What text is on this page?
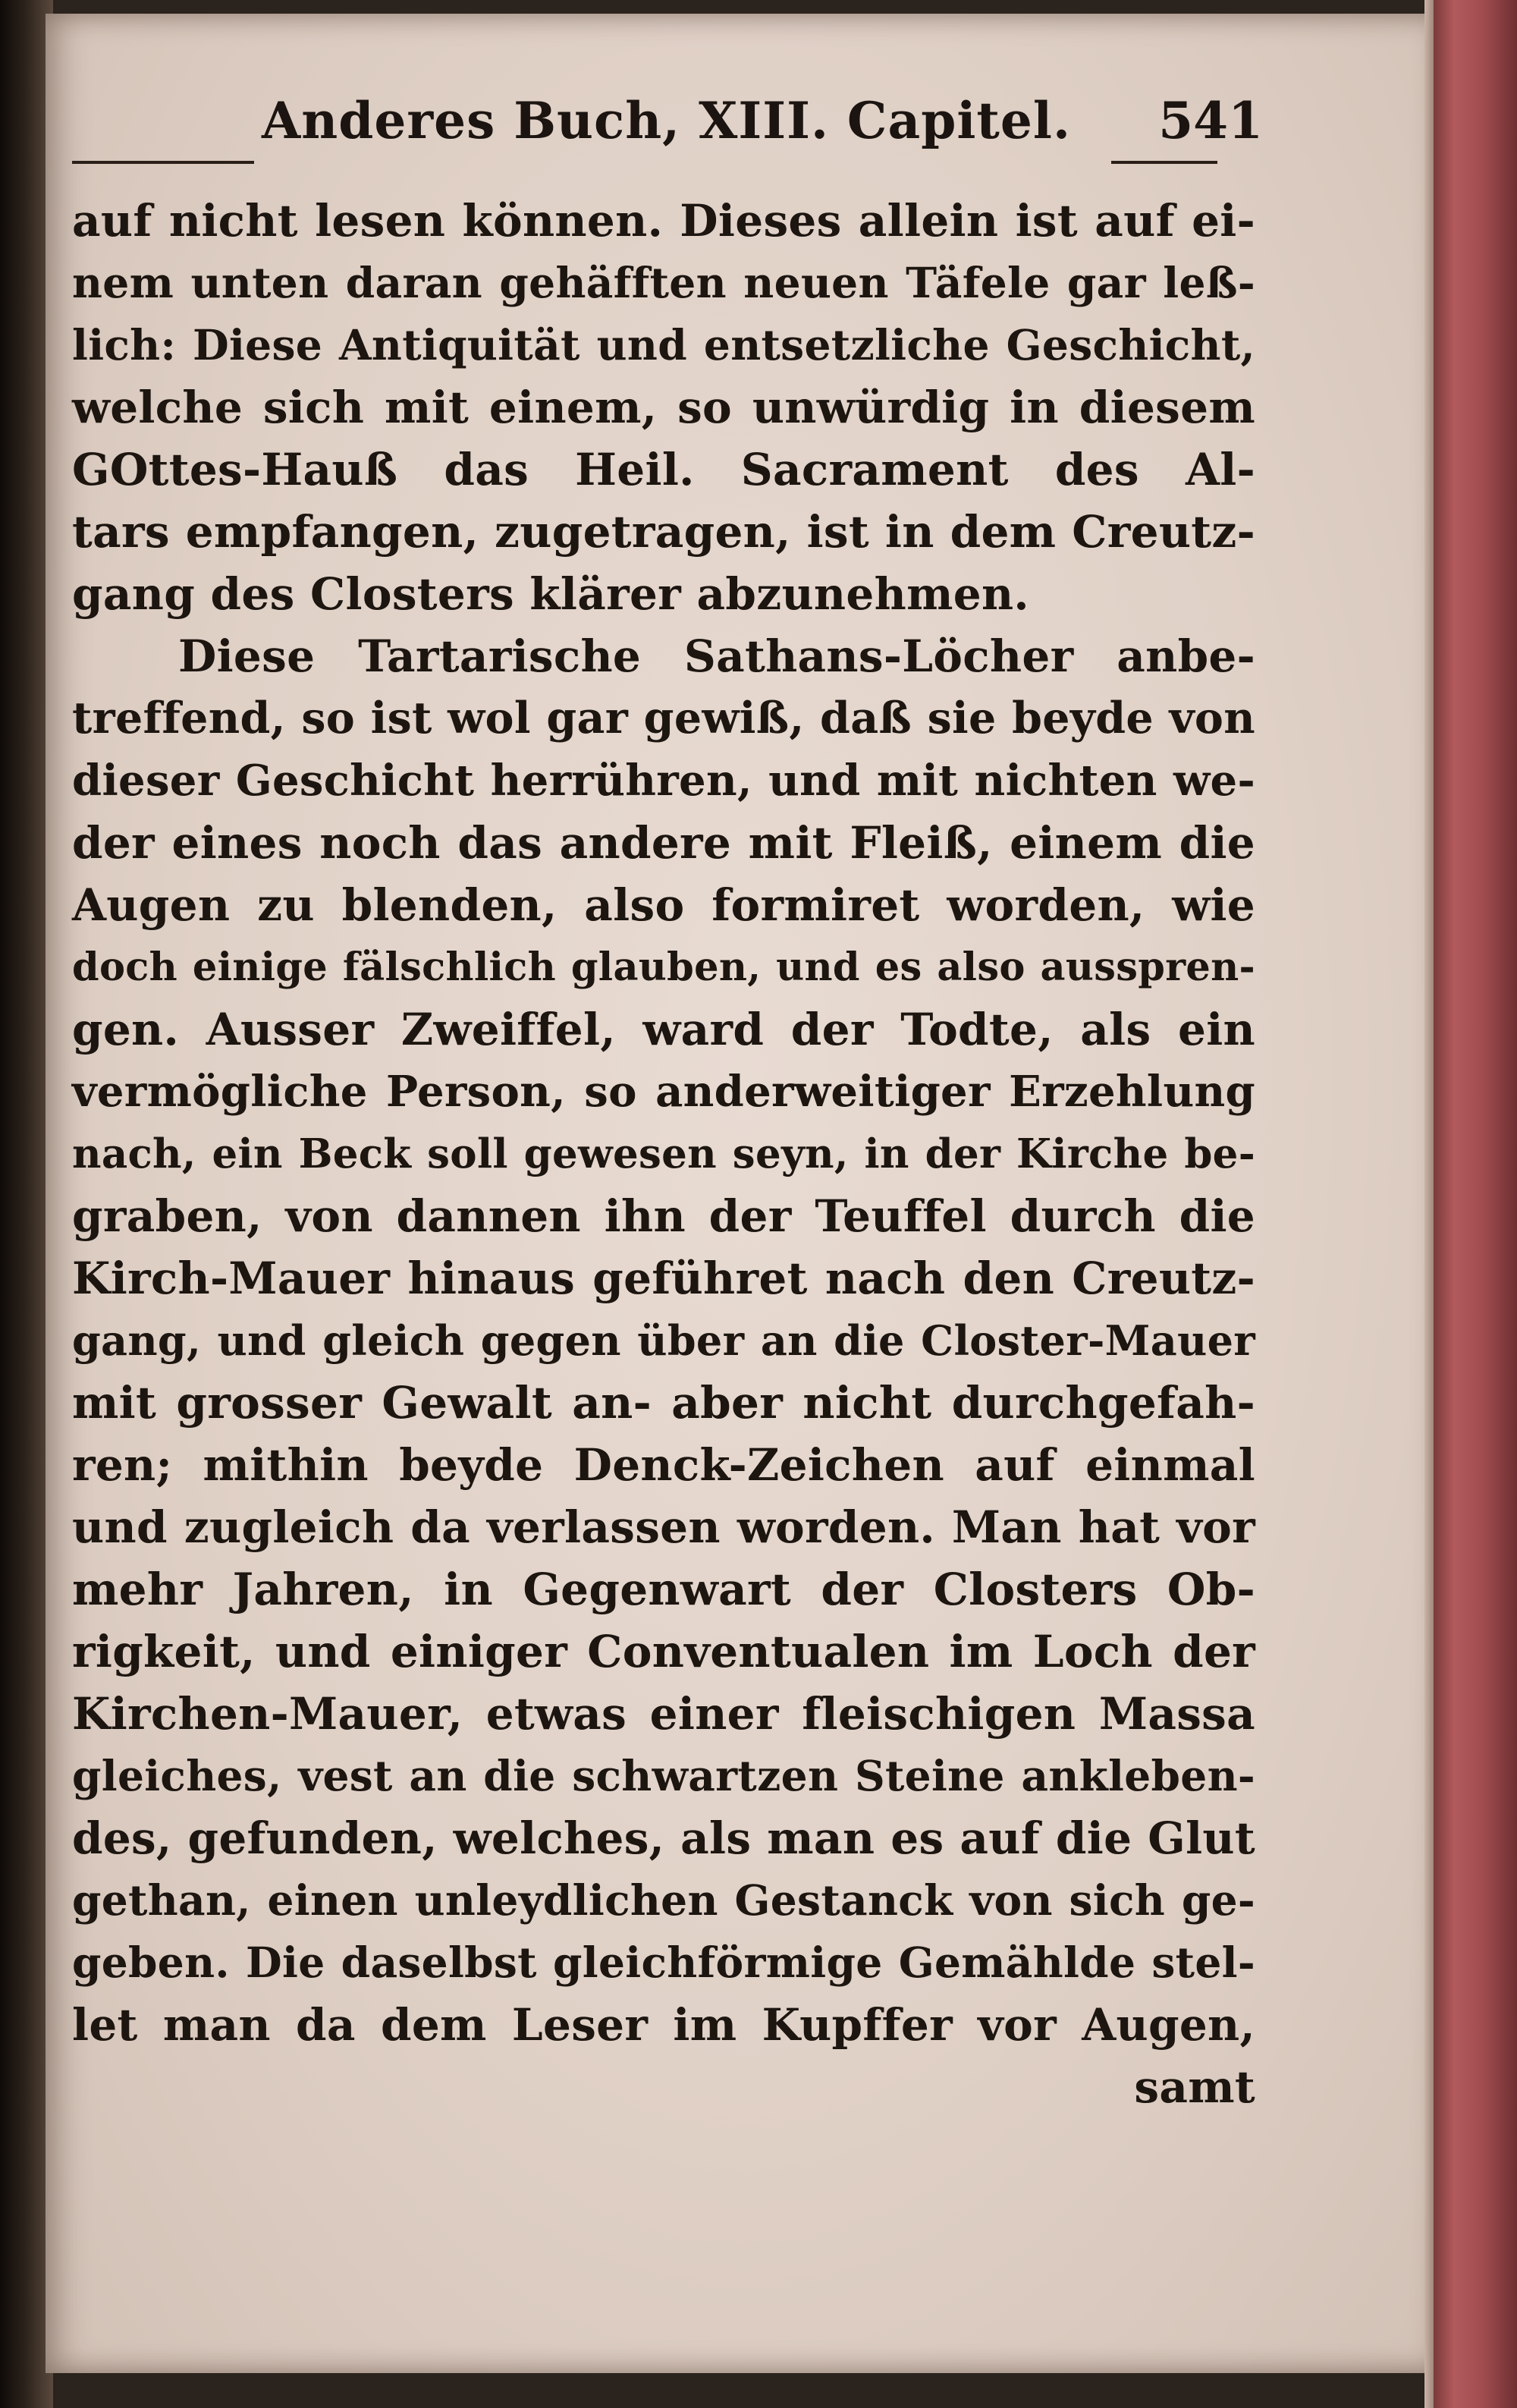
Anderes Buch, XIII. Capitel. 541
auf nicht lesen können. Dieses allein ist auf ei-
nem unten daran gehäfften neuen Täfele gar leß-
lich: Diese Antiquität und entsetzliche Geschicht,
welche sich mit einem, so unwürdig in diesem
GOttes-Hauß das Heil. Sacrament des Al-
tars empfangen, zugetragen, ist in dem Creutz-
gang des Closters klärer abzunehmen.
Diese Tartarische Sathans-Löcher anbe-
treffend, so ist wol gar gewiß, daß sie beyde von
dieser Geschicht herrühren, und mit nichten we-
der eines noch das andere mit Fleiß, einem die
Augen zu blenden, also formiret worden, wie
doch einige fälschlich glauben, und es also ausspren-
gen. Ausser Zweiffel, ward der Todte, als ein
vermögliche Person, so anderweitiger Erzehlung
nach, ein Beck soll gewesen seyn, in der Kirche be-
graben, von dannen ihn der Teuffel durch die
Kirch-Mauer hinaus geführet nach den Creutz-
gang, und gleich gegen über an die Closter-Mauer
mit grosser Gewalt an- aber nicht durchgefah-
ren; mithin beyde Denck-Zeichen auf einmal
und zugleich da verlassen worden. Man hat vor
mehr Jahren, in Gegenwart der Closters Ob-
rigkeit, und einiger Conventualen im Loch der
Kirchen-Mauer, etwas einer fleischigen Massa
gleiches, vest an die schwartzen Steine ankleben-
des, gefunden, welches, als man es auf die Glut
gethan, einen unleydlichen Gestanck von sich ge-
geben. Die daselbst gleichförmige Gemählde stel-
let man da dem Leser im Kupffer vor Augen,
samt
